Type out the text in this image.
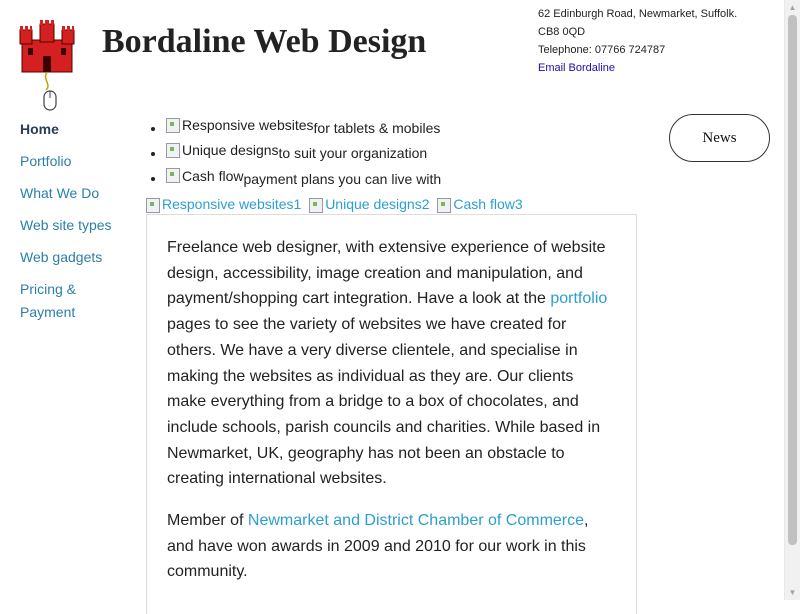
Bordaline Web Design
62 Edinburgh Road, Newmarket, Suffolk.
CB8 0QD
Telephone: 07766 724787
Email Bordaline
Home
Portfolio
What We Do
Web site types
Web gadgets
Pricing & Payment
• Responsive websites for tablets & mobiles
• Unique designs to suit your organization
• Cash flow payment plans you can live with
News
Responsive websites1 Unique designs2 Cash flow3

Freelance web designer, with extensive experience of website design, accessibility, image creation and manipulation, and payment/shopping cart integration. Have a look at the portfolio pages to see the variety of websites we have created for others. We have a very diverse clientele, and specialise in making the websites as individual as they are. Our clients make everything from a bridge to a box of chocolates, and include schools, parish councils and charities. While based in Newmarket, UK, geography has not been an obstacle to creating international websites.

Member of Newmarket and District Chamber of Commerce, and have won awards in 2009 and 2010 for our work in this community.

▲
▼
